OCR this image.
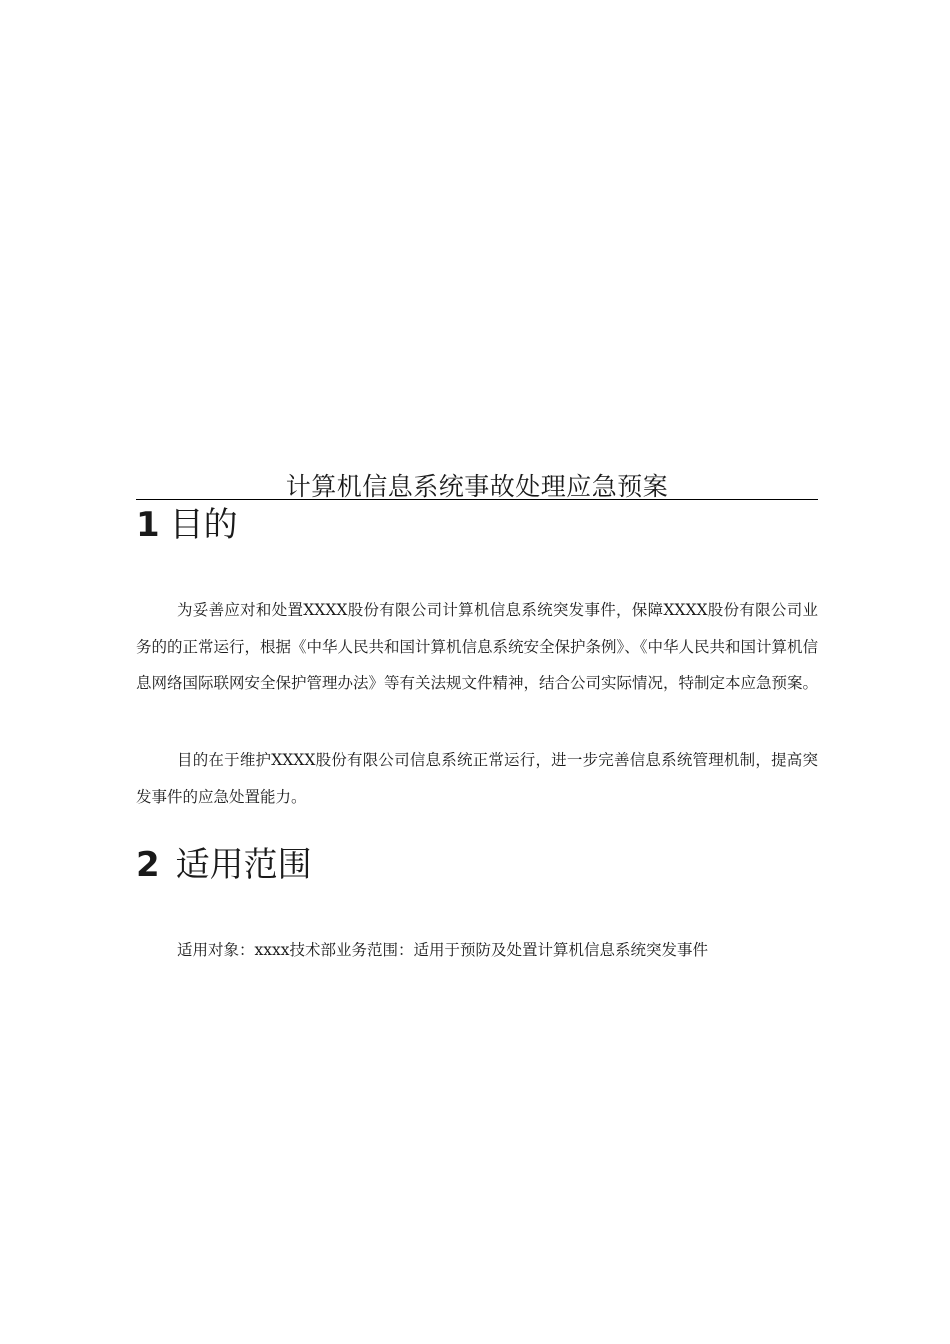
计算机信息系统事故处理应急预案
1 目的

为妥善应对和处置XXXX股份有限公司计算机信息系统突发事件，保障XXXX股份有限公司业务的的正常运行，根据《中华人民共和国计算机信息系统安全保护条例》、《中华人民共和国计算机信息网络国际联网安全保护管理办法》等有关法规文件精神，结合公司实际情况，特制定本应急预案。

目的在于维护XXXX股份有限公司信息系统正常运行，进一步完善信息系统管理机制，提高突发事件的应急处置能力。

2 适用范围

适用对象：xxxx技术部业务范围：适用于预防及处置计算机信息系统突发事件
